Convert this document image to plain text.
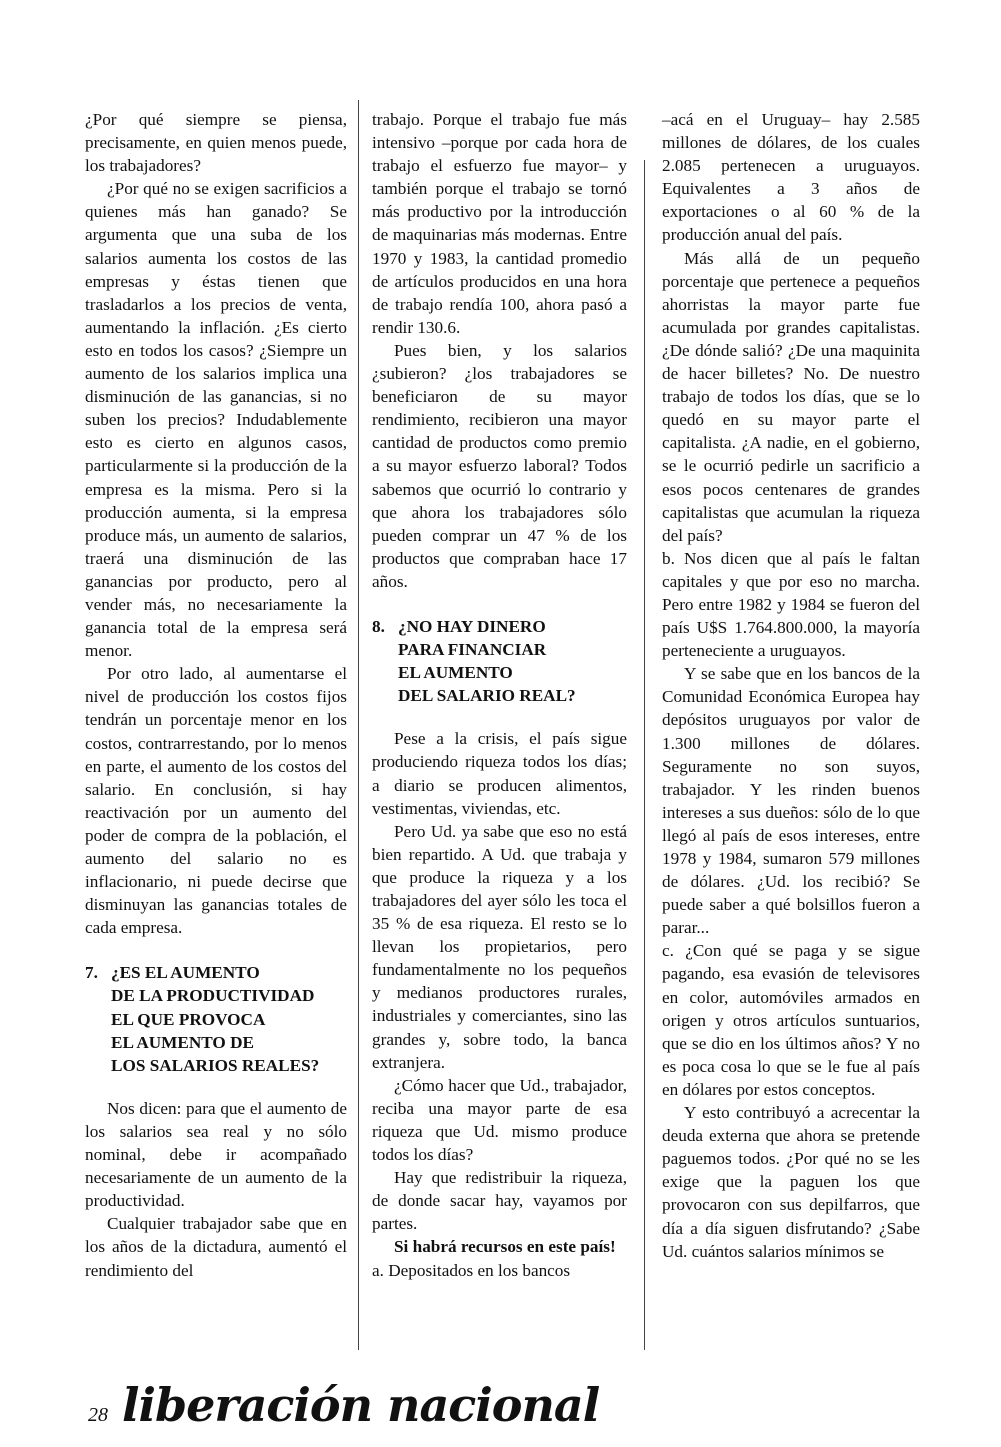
¿Por qué siempre se piensa, precisamente, en quien menos puede, los trabajadores?

¿Por qué no se exigen sacrificios a quienes más han ganado? Se argumenta que una suba de los salarios aumenta los costos de las empresas y éstas tienen que trasladarlos a los precios de venta, aumentando la inflación. ¿Es cierto esto en todos los casos? ¿Siempre un aumento de los salarios implica una disminución de las ganancias, si no suben los precios? Indudablemente esto es cierto en algunos casos, particularmente si la producción de la empresa es la misma. Pero si la producción aumenta, si la empresa produce más, un aumento de salarios, traerá una disminución de las ganancias por producto, pero al vender más, no necesariamente la ganancia total de la empresa será menor.

Por otro lado, al aumentarse el nivel de producción los costos fijos tendrán un porcentaje menor en los costos, contrarrestando, por lo menos en parte, el aumento de los costos del salario. En conclusión, si hay reactivación por un aumento del poder de compra de la población, el aumento del salario no es inflacionario, ni puede decirse que disminuyan las ganancias totales de cada empresa.

7. ¿ES EL AUMENTO
DE LA PRODUCTIVIDAD
EL QUE PROVOCA
EL AUMENTO DE
LOS SALARIOS REALES?

Nos dicen: para que el aumento de los salarios sea real y no sólo nominal, debe ir acompañado necesariamente de un aumento de la productividad.

Cualquier trabajador sabe que en los años de la dictadura, aumentó el rendimiento del

trabajo. Porque el trabajo fue más intensivo –porque por cada hora de trabajo el esfuerzo fue mayor– y también porque el trabajo se tornó más productivo por la introducción de maquinarias más modernas. Entre 1970 y 1983, la cantidad promedio de artículos producidos en una hora de trabajo rendía 100, ahora pasó a rendir 130.6.

Pues bien, y los salarios ¿subieron? ¿los trabajadores se beneficiaron de su mayor rendimiento, recibieron una mayor cantidad de productos como premio a su mayor esfuerzo laboral? Todos sabemos que ocurrió lo contrario y que ahora los trabajadores sólo pueden comprar un 47 % de los productos que compraban hace 17 años.

8. ¿NO HAY DINERO
PARA FINANCIAR
EL AUMENTO
DEL SALARIO REAL?

Pese a la crisis, el país sigue produciendo riqueza todos los días; a diario se producen alimentos, vestimentas, viviendas, etc.

Pero Ud. ya sabe que eso no está bien repartido. A Ud. que trabaja y que produce la riqueza y a los trabajadores del ayer sólo les toca el 35 % de esa riqueza. El resto se lo llevan los propietarios, pero fundamentalmente no los pequeños y medianos productores rurales, industriales y comerciantes, sino las grandes y, sobre todo, la banca extranjera.

¿Cómo hacer que Ud., trabajador, reciba una mayor parte de esa riqueza que Ud. mismo produce todos los días?

Hay que redistribuir la riqueza, de donde sacar hay, vayamos por partes.

Si habrá recursos en este país!

a. Depositados en los bancos

–acá en el Uruguay– hay 2.585 millones de dólares, de los cuales 2.085 pertenecen a uruguayos. Equivalentes a 3 años de exportaciones o al 60 % de la producción anual del país.

Más allá de un pequeño porcentaje que pertenece a pequeños ahorristas la mayor parte fue acumulada por grandes capitalistas. ¿De dónde salió? ¿De una maquinita de hacer billetes? No. De nuestro trabajo de todos los días, que se lo quedó en su mayor parte el capitalista. ¿A nadie, en el gobierno, se le ocurrió pedirle un sacrificio a esos pocos centenares de grandes capitalistas que acumulan la riqueza del país?

b. Nos dicen que al país le faltan capitales y que por eso no marcha. Pero entre 1982 y 1984 se fueron del país U$S 1.764.800.000, la mayoría perteneciente a uruguayos.

Y se sabe que en los bancos de la Comunidad Económica Europea hay depósitos uruguayos por valor de 1.300 millones de dólares. Seguramente no son suyos, trabajador. Y les rinden buenos intereses a sus dueños: sólo de lo que llegó al país de esos intereses, entre 1978 y 1984, sumaron 579 millones de dólares. ¿Ud. los recibió? Se puede saber a qué bolsillos fueron a parar...

c. ¿Con qué se paga y se sigue pagando, esa evasión de televisores en color, automóviles armados en origen y otros artículos suntuarios, que se dio en los últimos años? Y no es poca cosa lo que se le fue al país en dólares por estos conceptos.

Y esto contribuyó a acrecentar la deuda externa que ahora se pretende paguemos todos. ¿Por qué no se les exige que la paguen los que provocaron con sus depilfarros, que día a día siguen disfrutando? ¿Sabe Ud. cuántos salarios mínimos se

28 liberación nacional
